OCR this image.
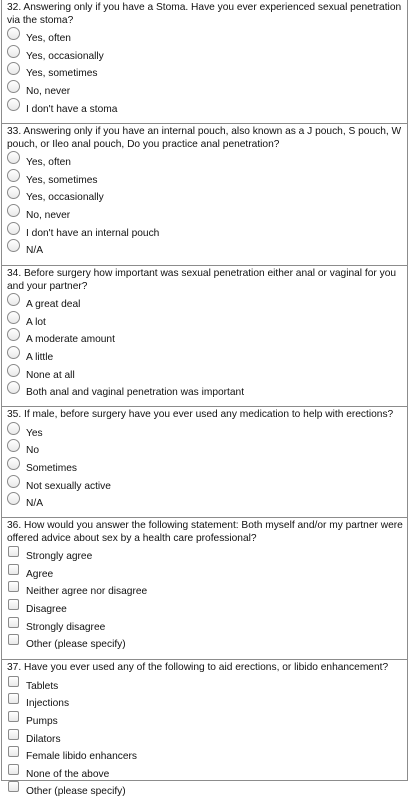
32. Answering only if you have a Stoma. Have you ever experienced sexual penetration via the stoma?
Yes, often
Yes, occasionally
Yes, sometimes
No, never
I don't have a stoma
33. Answering only if you have an internal pouch, also known as a J pouch, S pouch, W pouch, or Ileo anal pouch, Do you practice anal penetration?
Yes, often
Yes, sometimes
Yes, occasionally
No, never
I don't have an internal pouch
N/A
34. Before surgery how important was sexual penetration either anal or vaginal for you and your partner?
A great deal
A lot
A moderate amount
A little
None at all
Both anal and vaginal penetration was important
35. If male, before surgery have you ever used any medication to help with erections?
Yes
No
Sometimes
Not sexually active
N/A
36. How would you answer the following statement: Both myself and/or my partner were offered advice about sex by a health care professional?
Strongly agree
Agree
Neither agree nor disagree
Disagree
Strongly disagree
Other (please specify)
37. Have you ever used any of the following to aid erections, or libido enhancement?
Tablets
Injections
Pumps
Dilators
Female libido enhancers
None of the above
Other (please specify)
